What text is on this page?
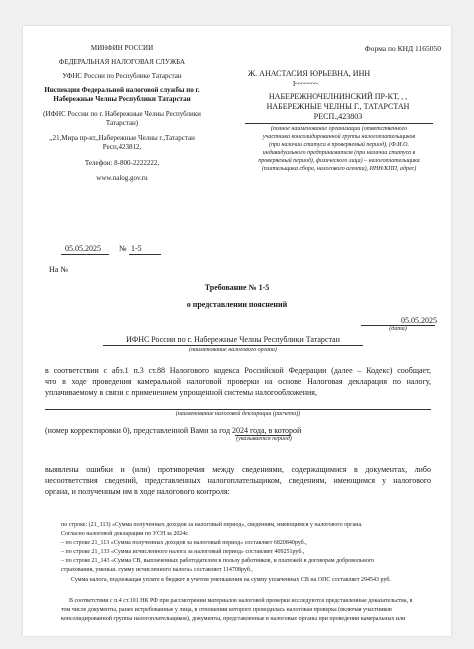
МИНФИН РОССИИ
ФЕДЕРАЛЬНАЯ НАЛОГОВАЯ СЛУЖБА
УФНС России по Республике Татарстан
Инспекция Федеральной налоговой службы по г.
Набережные Челны Республики Татарстан
(ИФНС России по г. Набережные Челны Республики
Татарстан)
,,21,Мира пр-кт,,Набережные Челны г.,Татарстан
Респ,423812,
Телефон: 8-800-2222222,
www.nalog.gov.ru
Форма по КНД 1165050
Ж. АНАСТАСИЯ ЮРЬЕВНА, ИНН
I~~~~~~~
НАБЕРЕЖНОЧЕЛНИНСКИЙ ПР-КТ, , ,
НАБЕРЕЖНЫЕ ЧЕЛНЫ Г., ТАТАРСТАН
РЕСП.,423803
(полное наименование организации (ответственного
участника консолидированной группы налогоплательщиков
(при наличии статуса в проверяемый период), (Ф.И.О.
индивидуального предпринимателя (при наличии статуса в
проверяемый период), физического лица) – налогоплательщика
(плательщика сбора, налогового агента), ИНН/КПП, адрес)
05.05.2025 № 1-5
На №
Требование № 1-5
о представлении пояснений
05.05.2025
(дата)
ИФНС России по г. Набережные Челны Республики Татарстан
(наименование налогового органа)
в соответствии с абз.1 п.3 ст.88 Налогового кодекса Российской Федерации (далее – Кодекс) сообщает,
что в ходе проведения камеральной налоговой проверки на основе Налоговая декларация по налогу,
уплачиваемому в связи с применением упрощенной системы налогообложения,
(наименование налоговой декларации (расчета))
(номер корректировки 0), представленной Вами за год 2024 года, в которой
(указывается период)
выявлены ошибки и (или) противоречия между сведениями, содержащимися в документах, либо
несоответствия сведений, представленных налогоплательщиком, сведениям, имеющимся у налогового
органа, и полученным им в ходе налогового контроля:
по строке: (21_113) «Сумма полученных доходов за налоговый период», сведениям, имеющимся у налогового органа.
Согласно налоговой декларации по УСН за 2024г.
– по строке 21_113 «Сумма полученных доходов за налоговый период» составляет 6820840руб.,
– по строке 21_133 «Сумма исчисленного налога за налоговый период» составляет 409251руб.,
– по строке 21_143 «Сумма СВ, выплаченных работодателем в пользу работников, и платежей в договорам добровольного
страхования, уменьш. сумму исчисленного налога» составляет 114708руб.,
Сумма налога, подлежащая уплате в бюджет в учетом уменьшения на сумму уплаченных СВ на ОПС составляет 294543 руб.
В соответствии с п.4 ст.101 НК РФ при рассмотрении материалов налоговой проверки исследуются представленные доказательства, в
том числе документы, ранее истребованные у лица, в отношении которого проводилась налоговая проверка (включая участников
консолидированной группы налогоплательщиков), документы, представленные в налоговые органы при проведении камеральных или
